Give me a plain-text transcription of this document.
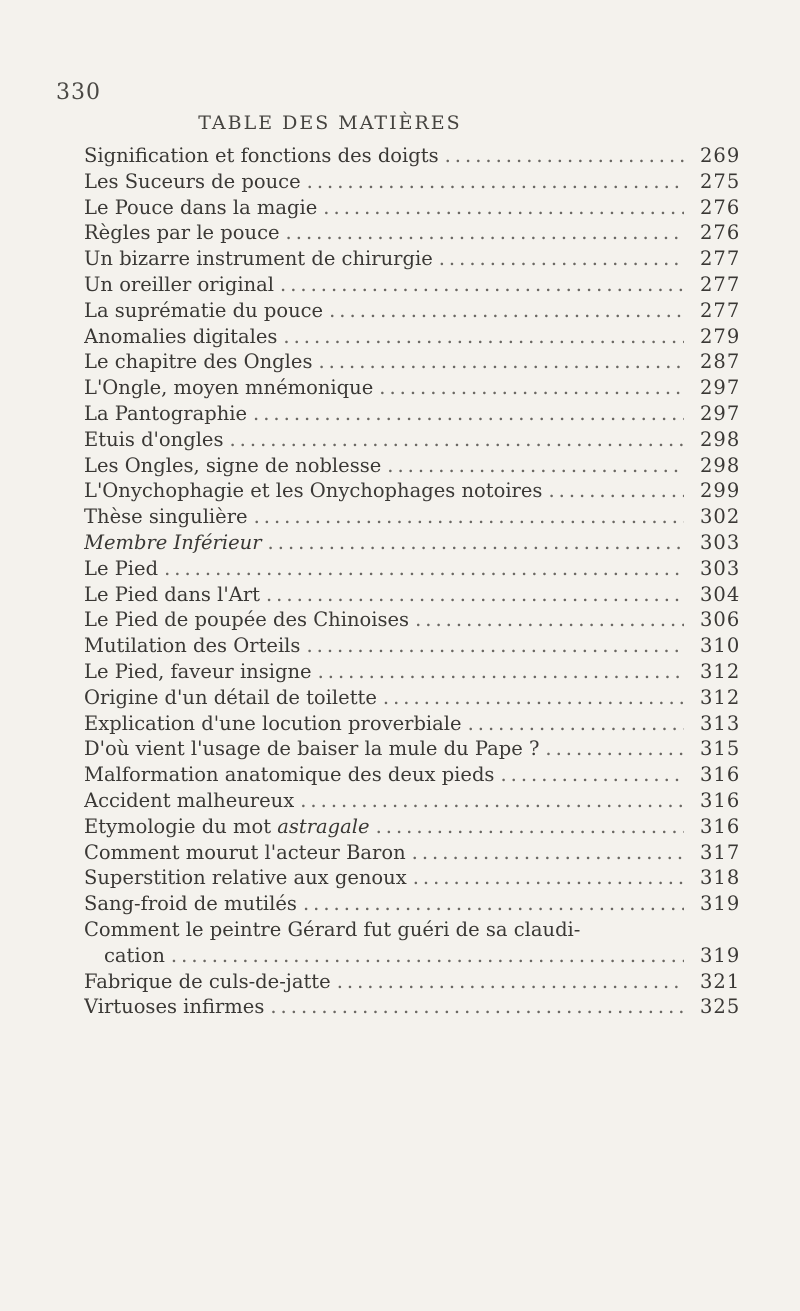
330
TABLE DES MATIÈRES
Signification et fonctions des doigts
.....
Les Suceurs de pouce
.....
Le Pouce dans la magie
.....
Règles par le pouce
.....
Un bizarre instrument de chirurgie
.....
Un oreiller original
.....
La suprématie du pouce
.....
Anomalies digitales
.....
Le chapitre des Ongles
.....
L'Ongle, moyen mnémonique
.....
La Pantographie
.....
Etuis d'ongles
.....
Les Ongles, signe de noblesse
.....
L'Onychophagie et les Onychophages notoires
.....
Thèse singulière
.....
Membre Inférieur
.....
Le Pied
.....
Le Pied dans l'Art
.....
Le Pied de poupée des Chinoises
.....
Mutilation des Orteils
.....
Le Pied, faveur insigne
.....
Origine d'un détail de toilette
.....
Explication d'une locution proverbiale
.....
D'où vient l'usage de baiser la mule du Pape ?
.....
Malformation anatomique des deux pieds
.....
Accident malheureux
.....
Etymologie du mot astragale
.....
Comment mourut l'acteur Baron
.....
Superstition relative aux genoux
.....
Sang-froid de mutilés
.....
Comment le peintre Gérard fut guéri de sa claudi-
cation
.....
Fabrique de culs-de-jatte
.....
Virtuoses infirmes
.....
269
275
276
276
277
277
277
279
287
297
297
298
298
299
302
303
303
304
306
310
312
312
313
315
316
316
316
317
318
319
319
321
325
